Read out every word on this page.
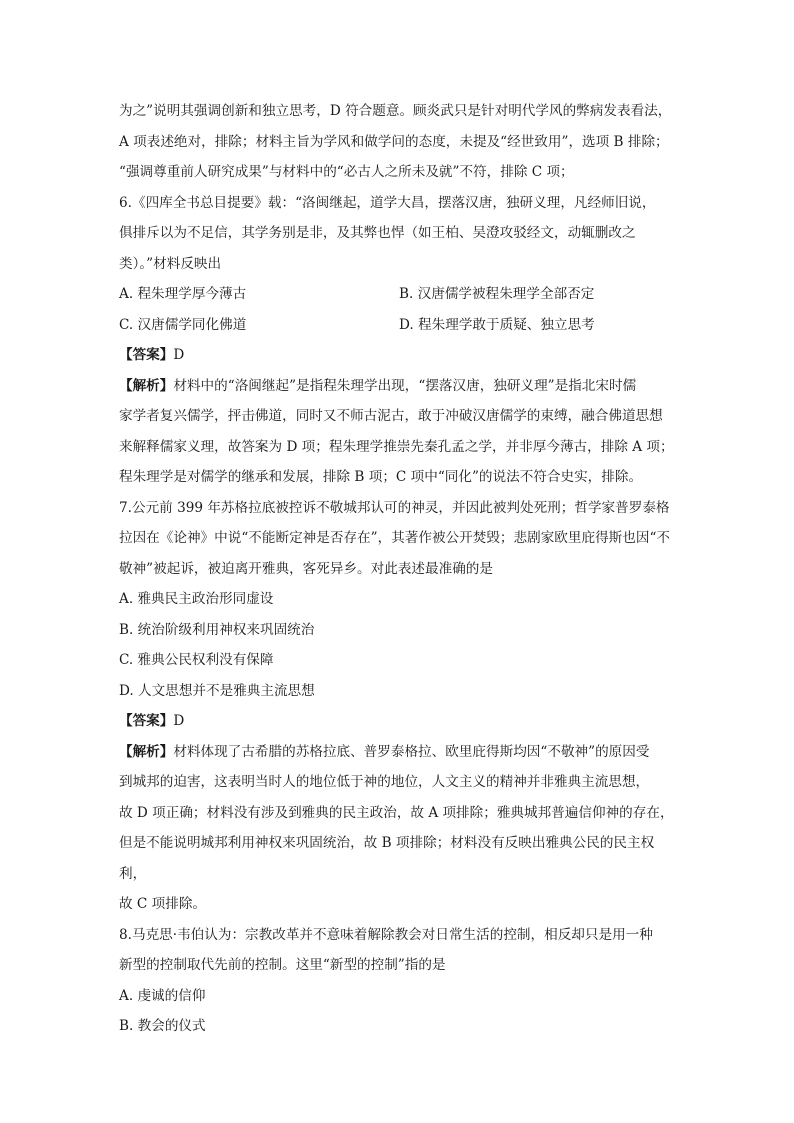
为之”说明其强调创新和独立思考，D 符合题意。顾炎武只是针对明代学风的弊病发表看法，

A 项表述绝对，排除；材料主旨为学风和做学问的态度，未提及“经世致用”，选项 B 排除；

“强调尊重前人研究成果”与材料中的“必古人之所未及就”不符，排除 C 项；

6.《四库全书总目提要》载：“洛闽继起，道学大昌，摆落汉唐，独研义理，凡经师旧说，

俱排斥以为不足信，其学务别是非，及其弊也悍（如王柏、吴澄攻驳经文，动辄删改之

类）。”材料反映出

A. 程朱理学厚今薄古	B. 汉唐儒学被程朱理学全部否定
C. 汉唐儒学同化佛道	D. 程朱理学敢于质疑、独立思考

【答案】D

【解析】材料中的“洛闽继起”是指程朱理学出现，“摆落汉唐，独研义理”是指北宋时儒

家学者复兴儒学，抨击佛道，同时又不师古泥古，敢于冲破汉唐儒学的束缚，融合佛道思想

来解释儒家义理，故答案为 D 项；程朱理学推崇先秦孔孟之学，并非厚今薄古，排除 A 项；

程朱理学是对儒学的继承和发展，排除 B 项；C 项中“同化”的说法不符合史实，排除。

7.公元前 399 年苏格拉底被控诉不敬城邦认可的神灵，并因此被判处死刑；哲学家普罗泰格

拉因在《论神》中说“不能断定神是否存在”，其著作被公开焚毁；悲剧家欧里庇得斯也因“不

敬神”被起诉，被迫离开雅典，客死异乡。对此表述最准确的是

A. 雅典民主政治形同虚设

B. 统治阶级利用神权来巩固统治

C. 雅典公民权利没有保障

D. 人文思想并不是雅典主流思想

【答案】D

【解析】材料体现了古希腊的苏格拉底、普罗泰格拉、欧里庇得斯均因“不敬神”的原因受

到城邦的迫害，这表明当时人的地位低于神的地位，人文主义的精神并非雅典主流思想，

故 D 项正确；材料没有涉及到雅典的民主政治，故 A 项排除；雅典城邦普遍信仰神的存在，

但是不能说明城邦利用神权来巩固统治，故 B 项排除；材料没有反映出雅典公民的民主权利，

故 C 项排除。

8.马克思·韦伯认为：宗教改革并不意味着解除教会对日常生活的控制，相反却只是用一种

新型的控制取代先前的控制。这里“新型的控制”指的是

A. 虔诚的信仰

B. 教会的仪式
